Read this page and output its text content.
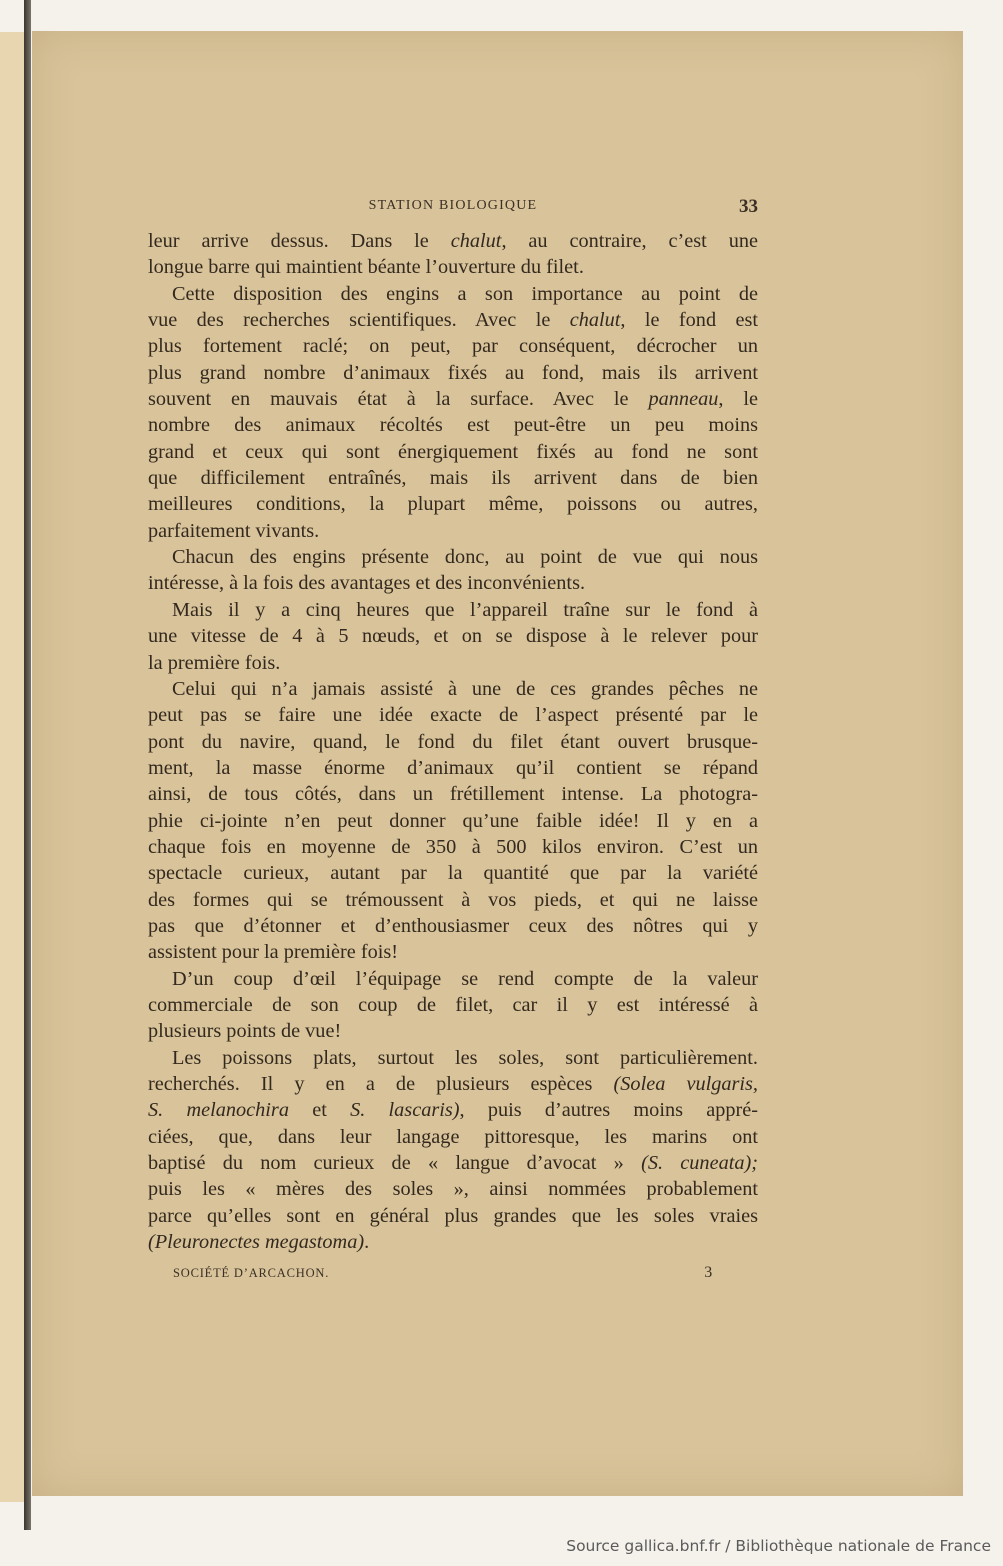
STATION BIOLOGIQUE	33
leur arrive dessus. Dans le chalut, au contraire, c’est une
longue barre qui maintient béante l’ouverture du filet.
Cette disposition des engins a son importance au point de
vue des recherches scientifiques. Avec le chalut, le fond est
plus fortement raclé; on peut, par conséquent, décrocher un
plus grand nombre d’animaux fixés au fond, mais ils arrivent
souvent en mauvais état à la surface. Avec le panneau, le
nombre des animaux récoltés est peut-être un peu moins
grand et ceux qui sont énergiquement fixés au fond ne sont
que difficilement entraînés, mais ils arrivent dans de bien
meilleures conditions, la plupart même, poissons ou autres,
parfaitement vivants.
Chacun des engins présente donc, au point de vue qui nous
intéresse, à la fois des avantages et des inconvénients.
Mais il y a cinq heures que l’appareil traîne sur le fond à
une vitesse de 4 à 5 nœuds, et on se dispose à le relever pour
la première fois.
Celui qui n’a jamais assisté à une de ces grandes pêches ne
peut pas se faire une idée exacte de l’aspect présenté par le
pont du navire, quand, le fond du filet étant ouvert brusque-
ment, la masse énorme d’animaux qu’il contient se répand
ainsi, de tous côtés, dans un frétillement intense. La photogra-
phie ci-jointe n’en peut donner qu’une faible idée! Il y en a
chaque fois en moyenne de 350 à 500 kilos environ. C’est un
spectacle curieux, autant par la quantité que par la variété
des formes qui se trémoussent à vos pieds, et qui ne laisse
pas que d’étonner et d’enthousiasmer ceux des nôtres qui y
assistent pour la première fois!
D’un coup d’œil l’équipage se rend compte de la valeur
commerciale de son coup de filet, car il y est intéressé à
plusieurs points de vue!
Les poissons plats, surtout les soles, sont particulièrement.
recherchés. Il y en a de plusieurs espèces (Solea vulgaris,
S. melanochira et S. lascaris), puis d’autres moins appré-
ciées, que, dans leur langage pittoresque, les marins ont
baptisé du nom curieux de « langue d’avocat » (S. cuneata);
puis les « mères des soles », ainsi nommées probablement
parce qu’elles sont en général plus grandes que les soles vraies
(Pleuronectes megastoma).
SOCIÉTÉ D’ARCACHON.	3
Source gallica.bnf.fr / Bibliothèque nationale de France
